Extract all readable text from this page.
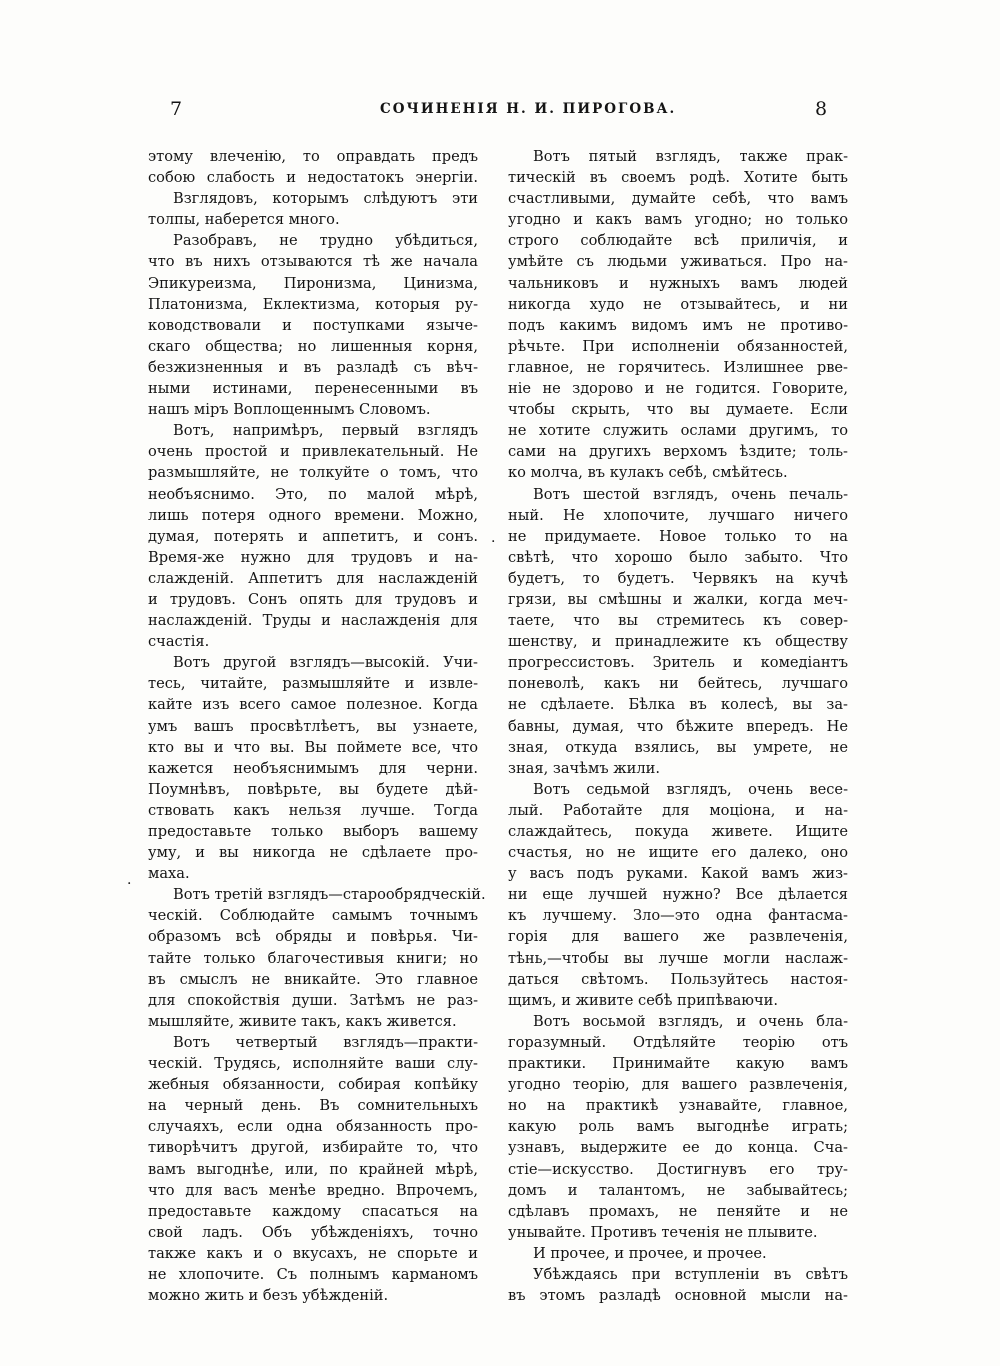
7	СОЧИНЕНІЯ Н. И. ПИРОГОВА.	8
·
.
этому влеченію, то оправдать предъ
собою слабость и недостатокъ энергіи.
Взглядовъ, которымъ слѣдуютъ эти
толпы, наберется много.
Разобравъ, не трудно убѣдиться,
что въ нихъ отзываются тѣ же начала
Эпикуреизма, Пиронизма, Цинизма,
Платонизма, Еклектизма, которыя ру-
ководствовали и поступками языче-
скаго общества; но лишенныя корня,
безжизненныя и въ разладѣ съ вѣч-
ными истинами, перенесенными въ
нашъ міръ Воплощеннымъ Словомъ.
Вотъ, напримѣръ, первый взглядъ
очень простой и привлекательный. Не
размышляйте, не толкуйте о томъ, что
необъяснимо. Это, по малой мѣрѣ,
лишь потеря одного времени. Можно,
думая, потерять и аппетитъ, и сонъ.
Время-же нужно для трудовъ и на-
слажденій. Аппетитъ для наслажденій
и трудовъ. Сонъ опять для трудовъ и
наслажденій. Труды и наслажденія для
счастія.
Вотъ другой взглядъ—высокій. Учи-
тесь, читайте, размышляйте и извле-
кайте изъ всего самое полезное. Когда
умъ вашъ просвѣтлѣетъ, вы узнаете,
кто вы и что вы. Вы поймете все, что
кажется необъяснимымъ для черни.
Поумнѣвъ, повѣрьте, вы будете дѣй-
ствовать какъ нельзя лучше. Тогда
предоставьте только выборъ вашему
уму, и вы никогда не сдѣлаете про-
маха.
Вотъ третій взглядъ—старообрядческій.
ческій. Соблюдайте самымъ точнымъ
образомъ всѣ обряды и повѣрья. Чи-
тайте только благочестивыя книги; но
въ смыслъ не вникайте. Это главное
для спокойствія души. Затѣмъ не раз-
мышляйте, живите такъ, какъ живется.
Вотъ четвертый взглядъ—практи-
ческій. Трудясь, исполняйте ваши слу-
жебныя обязанности, собирая копѣйку
на черный день. Въ сомнительныхъ
случаяхъ, если одна обязанность про-
тиворѣчитъ другой, избирайте то, что
вамъ выгоднѣе, или, по крайней мѣрѣ,
что для васъ менѣе вредно. Впрочемъ,
предоставьте каждому спасаться на
свой ладъ. Объ убѣжденіяхъ, точно
также какъ и о вкусахъ, не спорьте и
не хлопочите. Съ полнымъ карманомъ
можно жить и безъ убѣжденій.
Вотъ пятый взглядъ, также прак-
тическій въ своемъ родѣ. Хотите быть
счастливыми, думайте себѣ, что вамъ
угодно и какъ вамъ угодно; но только
строго соблюдайте всѣ приличія, и
умѣйте съ людьми уживаться. Про на-
чальниковъ и нужныхъ вамъ людей
никогда худо не отзывайтесь, и ни
подъ какимъ видомъ имъ не противо-
рѣчьте. При исполненіи обязанностей,
главное, не горячитесь. Излишнее рве-
ніе не здорово и не годится. Говорите,
чтобы скрыть, что вы думаете. Если
не хотите служить ослами другимъ, то
сами на другихъ верхомъ ѣздите; толь-
ко молча, въ кулакъ себѣ, смѣйтесь.
Вотъ шестой взглядъ, очень печаль-
ный. Не хлопочите, лучшаго ничего
не придумаете. Новое только то на
свѣтѣ, что хорошо было забыто. Что
будетъ, то будетъ. Червякъ на кучѣ
грязи, вы смѣшны и жалки, когда меч-
таете, что вы стремитесь къ совер-
шенству, и принадлежите къ обществу
прогрессистовъ. Зритель и комедіантъ
поневолѣ, какъ ни бейтесь, лучшаго
не сдѣлаете. Бѣлка въ колесѣ, вы за-
бавны, думая, что бѣжите впередъ. Не
зная, откуда взялись, вы умрете, не
зная, зачѣмъ жили.
Вотъ седьмой взглядъ, очень весе-
лый. Работайте для моціона, и на-
слаждайтесь, покуда живете. Ищите
счастья, но не ищите его далеко, оно
у васъ подъ руками. Какой вамъ жиз-
ни еще лучшей нужно? Все дѣлается
къ лучшему. Зло—это одна фантасма-
горія для вашего же развлеченія,
тѣнь,—чтобы вы лучше могли наслаж-
даться свѣтомъ. Пользуйтесь настоя-
щимъ, и живите себѣ припѣваючи.
Вотъ восьмой взглядъ, и очень бла-
горазумный. Отдѣляйте теорію отъ
практики. Принимайте какую вамъ
угодно теорію, для вашего развлеченія,
но на практикѣ узнавайте, главное,
какую роль вамъ выгоднѣе играть;
узнавъ, выдержите ее до конца. Сча-
стіе—искусство. Достигнувъ его тру-
домъ и талантомъ, не забывайтесь;
сдѣлавъ промахъ, не пеняйте и не
унывайте. Противъ теченія не плывите.
И прочее, и прочее, и прочее.
Убѣждаясь при вступленіи въ свѣтъ
въ этомъ разладѣ основной мысли на-
